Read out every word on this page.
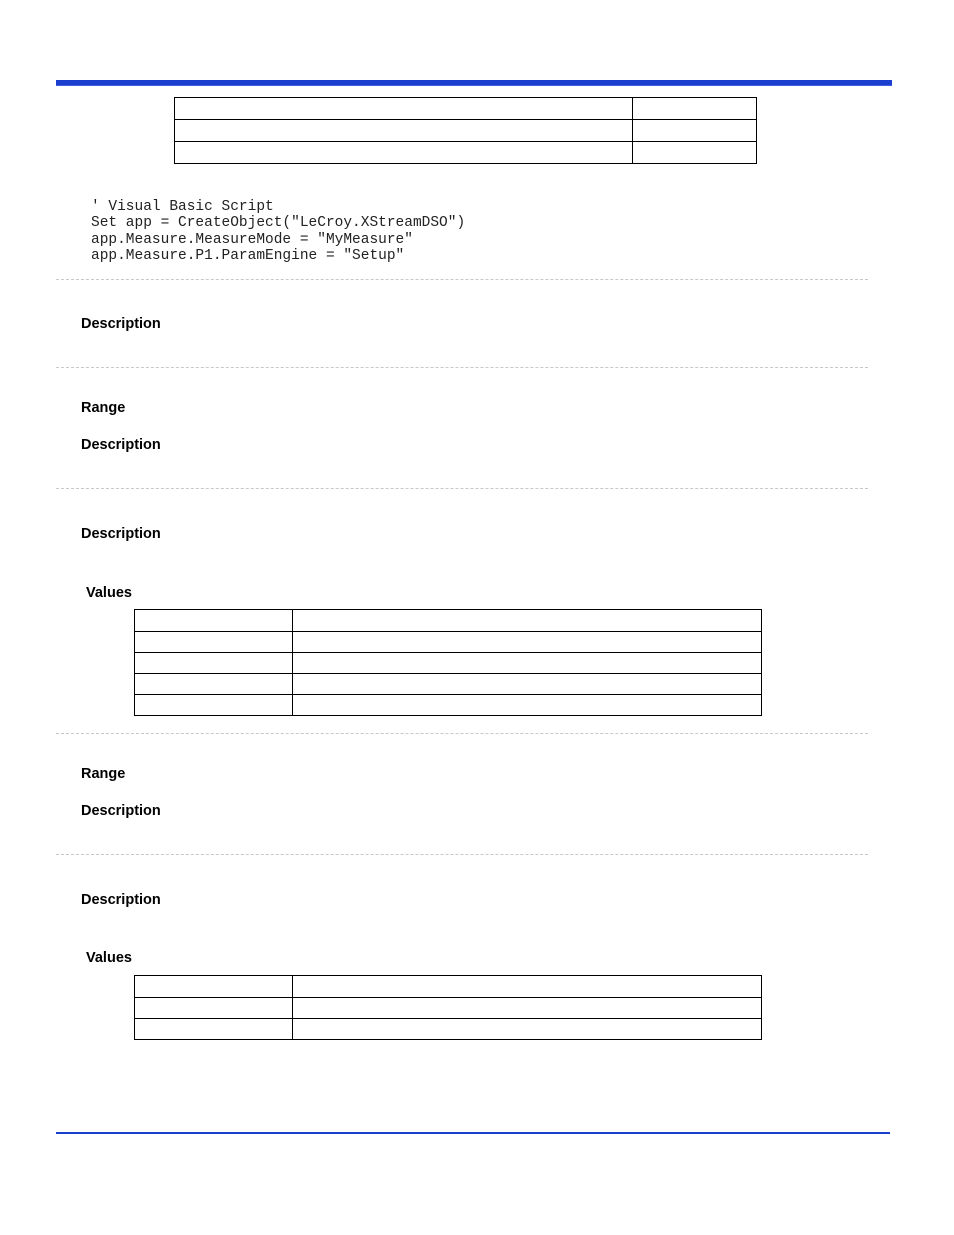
' Visual Basic Script
Set app = CreateObject("LeCroy.XStreamDSO")
app.Measure.MeasureMode = "MyMeasure"
app.Measure.P1.ParamEngine = "Setup"
Description
Range
Description
Description
Values

Range
Description
Description
Values
